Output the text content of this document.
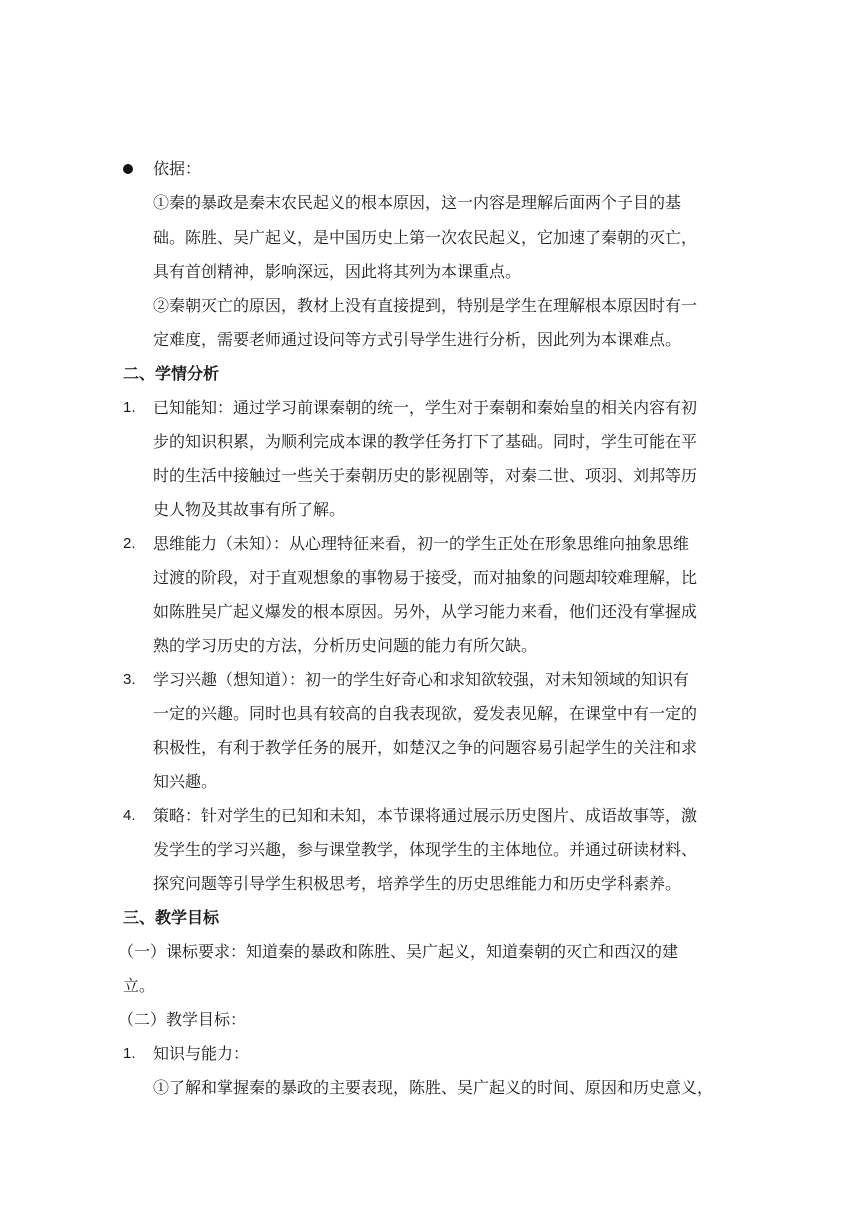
依据：
①秦的暴政是秦末农民起义的根本原因，这一内容是理解后面两个子目的基
础。陈胜、吴广起义，是中国历史上第一次农民起义，它加速了秦朝的灭亡，
具有首创精神，影响深远，因此将其列为本课重点。
②秦朝灭亡的原因，教材上没有直接提到，特别是学生在理解根本原因时有一
定难度，需要老师通过设问等方式引导学生进行分析，因此列为本课难点。
二、学情分析
1. 已知能知：通过学习前课秦朝的统一，学生对于秦朝和秦始皇的相关内容有初
步的知识积累，为顺利完成本课的教学任务打下了基础。同时，学生可能在平
时的生活中接触过一些关于秦朝历史的影视剧等，对秦二世、项羽、刘邦等历
史人物及其故事有所了解。
2. 思维能力（未知）：从心理特征来看，初一的学生正处在形象思维向抽象思维
过渡的阶段，对于直观想象的事物易于接受，而对抽象的问题却较难理解，比
如陈胜吴广起义爆发的根本原因。另外，从学习能力来看，他们还没有掌握成
熟的学习历史的方法，分析历史问题的能力有所欠缺。
3. 学习兴趣（想知道）：初一的学生好奇心和求知欲较强，对未知领域的知识有
一定的兴趣。同时也具有较高的自我表现欲，爱发表见解，在课堂中有一定的
积极性，有利于教学任务的展开，如楚汉之争的问题容易引起学生的关注和求
知兴趣。
4. 策略：针对学生的已知和未知，本节课将通过展示历史图片、成语故事等，激
发学生的学习兴趣，参与课堂教学，体现学生的主体地位。并通过研读材料、
探究问题等引导学生积极思考，培养学生的历史思维能力和历史学科素养。
三、教学目标
（一）课标要求：知道秦的暴政和陈胜、吴广起义，知道秦朝的灭亡和西汉的建
立。
（二）教学目标：
1. 知识与能力：
①了解和掌握秦的暴政的主要表现，陈胜、吴广起义的时间、原因和历史意义，
